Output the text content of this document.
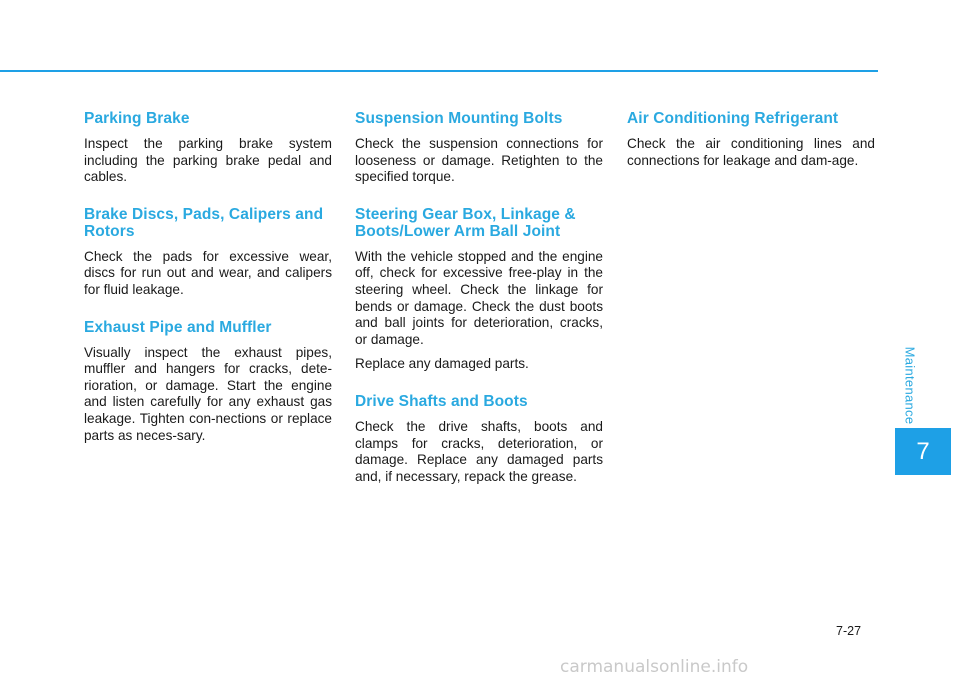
Parking Brake

Inspect the parking brake system including the parking brake pedal and cables.

Brake Discs, Pads, Calipers and Rotors

Check the pads for excessive wear, discs for run out and wear, and calipers for fluid leakage.

Exhaust Pipe and Muffler

Visually inspect the exhaust pipes, muffler and hangers for cracks, dete-rioration, or damage. Start the engine and listen carefully for any exhaust gas leakage. Tighten con-nections or replace parts as neces-sary.

Suspension Mounting Bolts

Check the suspension connections for looseness or damage. Retighten to the specified torque.

Steering Gear Box, Linkage & Boots/Lower Arm Ball Joint

With the vehicle stopped and the engine off, check for excessive free-play in the steering wheel. Check the linkage for bends or damage. Check the dust boots and ball joints for deterioration, cracks, or damage.

Replace any damaged parts.

Drive Shafts and Boots

Check the drive shafts, boots and clamps for cracks, deterioration, or damage. Replace any damaged parts and, if necessary, repack the grease.

Air Conditioning Refrigerant

Check the air conditioning lines and connections for leakage and dam-age.

Maintenance
7
7-27
carmanualsonline.info
